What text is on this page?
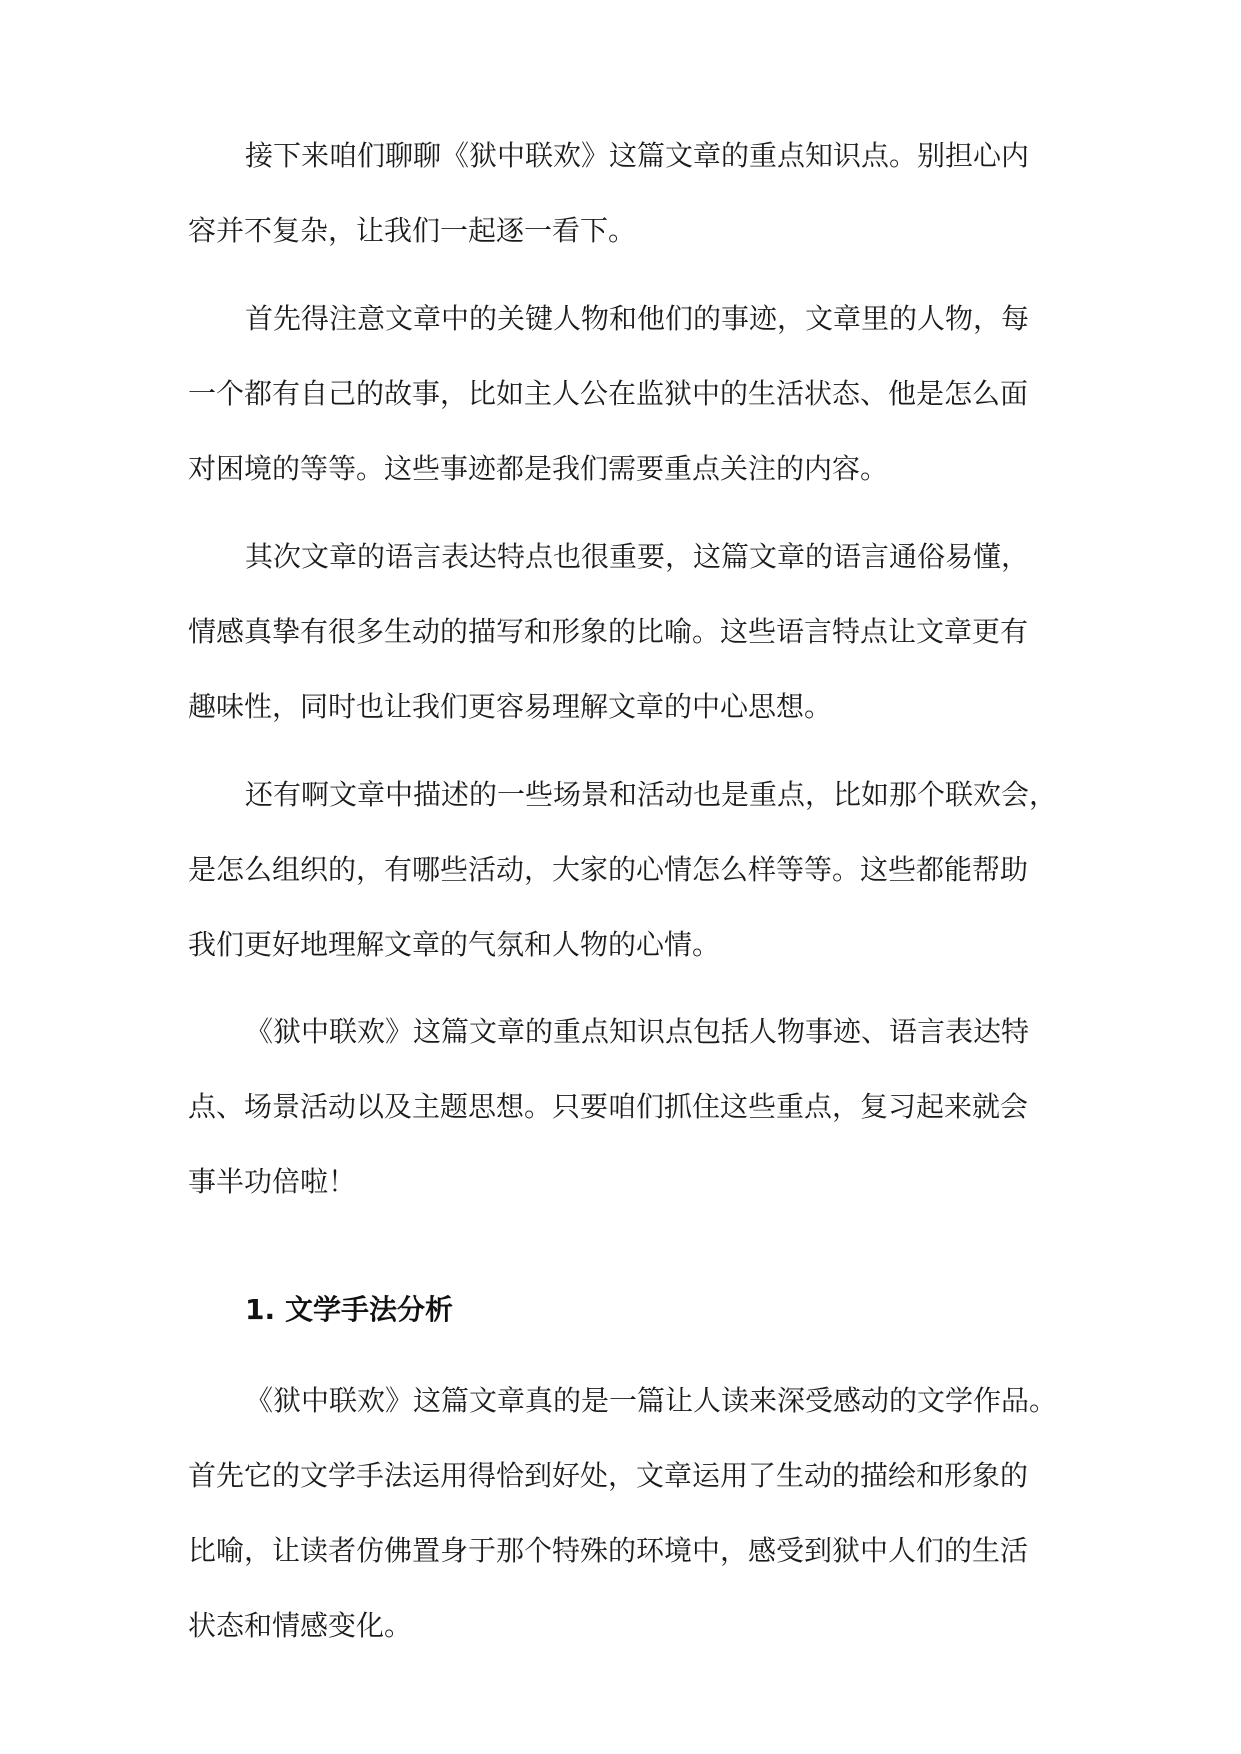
接下来咱们聊聊《狱中联欢》这篇文章的重点知识点。别担心内
容并不复杂，让我们一起逐一看下。
首先得注意文章中的关键人物和他们的事迹，文章里的人物，每
一个都有自己的故事，比如主人公在监狱中的生活状态、他是怎么面
对困境的等等。这些事迹都是我们需要重点关注的内容。
其次文章的语言表达特点也很重要，这篇文章的语言通俗易懂，
情感真挚有很多生动的描写和形象的比喻。这些语言特点让文章更有
趣味性，同时也让我们更容易理解文章的中心思想。
还有啊文章中描述的一些场景和活动也是重点，比如那个联欢会，
是怎么组织的，有哪些活动，大家的心情怎么样等等。这些都能帮助
我们更好地理解文章的气氛和人物的心情。
《狱中联欢》这篇文章的重点知识点包括人物事迹、语言表达特
点、场景活动以及主题思想。只要咱们抓住这些重点，复习起来就会
事半功倍啦！
1. 文学手法分析
《狱中联欢》这篇文章真的是一篇让人读来深受感动的文学作品。
首先它的文学手法运用得恰到好处，文章运用了生动的描绘和形象的
比喻，让读者仿佛置身于那个特殊的环境中，感受到狱中人们的生活
状态和情感变化。
